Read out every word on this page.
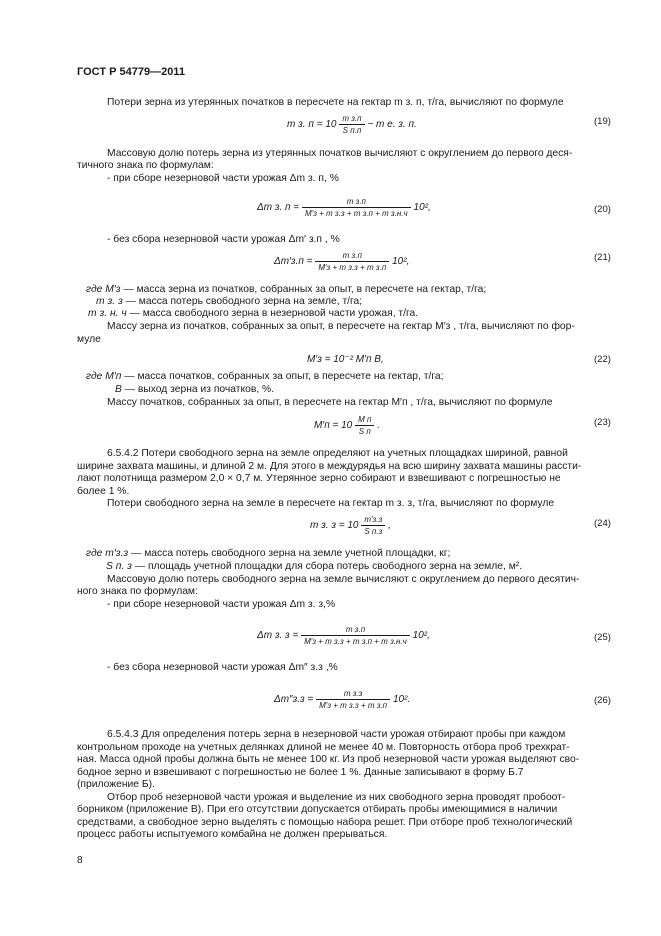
ГОСТ Р 54779—2011
Потери зерна из утерянных початков в пересчете на гектар m з. п, т/га, вычисляют по формуле
m з. $п = 10 \frac{\text{m з.п}}{\text{S п.п}} - m$ е. з. п.	(19)
Массовую долю потерь зерна из утерянных початков вычисляют с округлением до первого деся-
тичного знака по формулам:
- при сборе незерновой части урожая Δm з. п, %
Δm з. $п = \frac{\text{m з.п}}{\text{M′з + m з.з + m з.п + m з.н.ч}} 10^2$,	(20)
- без сбора незерновой части урожая Δm′ з.п , %
$\Delta m'з.п = \frac{\text{m з.п}}{\text{M′з + m з.з + m з.п}} 10^2$,	(21)
где M′з — масса зерна из початков, собранных за опыт, в пересчете на гектар, т/га;
m з. з — масса потерь свободного зерна на земле, т/га;
m з. н. ч — масса свободного зерна в незерновой части урожая, т/га.
Массу зерна из початков, собранных за опыт, в пересчете на гектар M′з , т/га, вычисляют по фор-
муле
M′з = 10⁻² M′п B,	(22)
где M′п — масса початков, собранных за опыт, в пересчете на гектар, т/га;
B — выход зерна из початков, %.
Массу початков, собранных за опыт, в пересчете на гектар M′п , т/га, вычисляют по формуле
$M'п = 10 \frac{\text{M п}}{\text{S п}}$ .	(23)
6.5.4.2 Потери свободного зерна на земле определяют на учетных площадках шириной, равной
ширине захвата машины, и длиной 2 м. Для этого в междурядья на всю ширину захвата машины рассти-
лают полотнища размером 2,0 × 0,7 м. Утерянное зерно собирают и взвешивают с погрешностью не
более 1 %.
Потери свободного зерна на земле в пересчете на гектар m з. з, т/га, вычисляют по формуле
m з. $з = 10 \frac{m'з.з}{\text{S п.з}}$ ,	(24)
где m′з.з — масса потерь свободного зерна на земле учетной площадки, кг;
S п. з — площадь учетной площадки для сбора потерь свободного зерна на земле, м².
Массовую долю потерь свободного зерна на земле вычисляют с округлением до первого десятич-
ного знака по формулам:
- при сборе незерновой части урожая Δm з. з,%
Δm з. $з = \frac{\text{m з.п}}{\text{M′з + m з.з + m з.п + m з.н.ч}} 10^2$,	(25)
- без сбора незерновой части урожая Δm″ з.з ,%
$\Delta m''з.з = \frac{\text{m з.з}}{\text{M′з + m з.з + m з.п}} 10^2$.	(26)
6.5.4.3 Для определения потерь зерна в незерновой части урожая отбирают пробы при каждом
контрольном проходе на учетных делянках длиной не менее 40 м. Повторность отбора проб трехкрат-
ная. Масса одной пробы должна быть не менее 100 кг. Из проб незерновой части урожая выделяют сво-
бодное зерно и взвешивают с погрешностью не более 1 %. Данные записывают в форму Б.7
(приложение Б).
Отбор проб незерновой части урожая и выделение из них свободного зерна проводят пробоот-
борником (приложение В). При его отсутствии допускается отбирать пробы имеющимися в наличии
средствами, а свободное зерно выделять с помощью набора решет. При отборе проб технологический
процесс работы испытуемого комбайна не должен прерываться.
8
